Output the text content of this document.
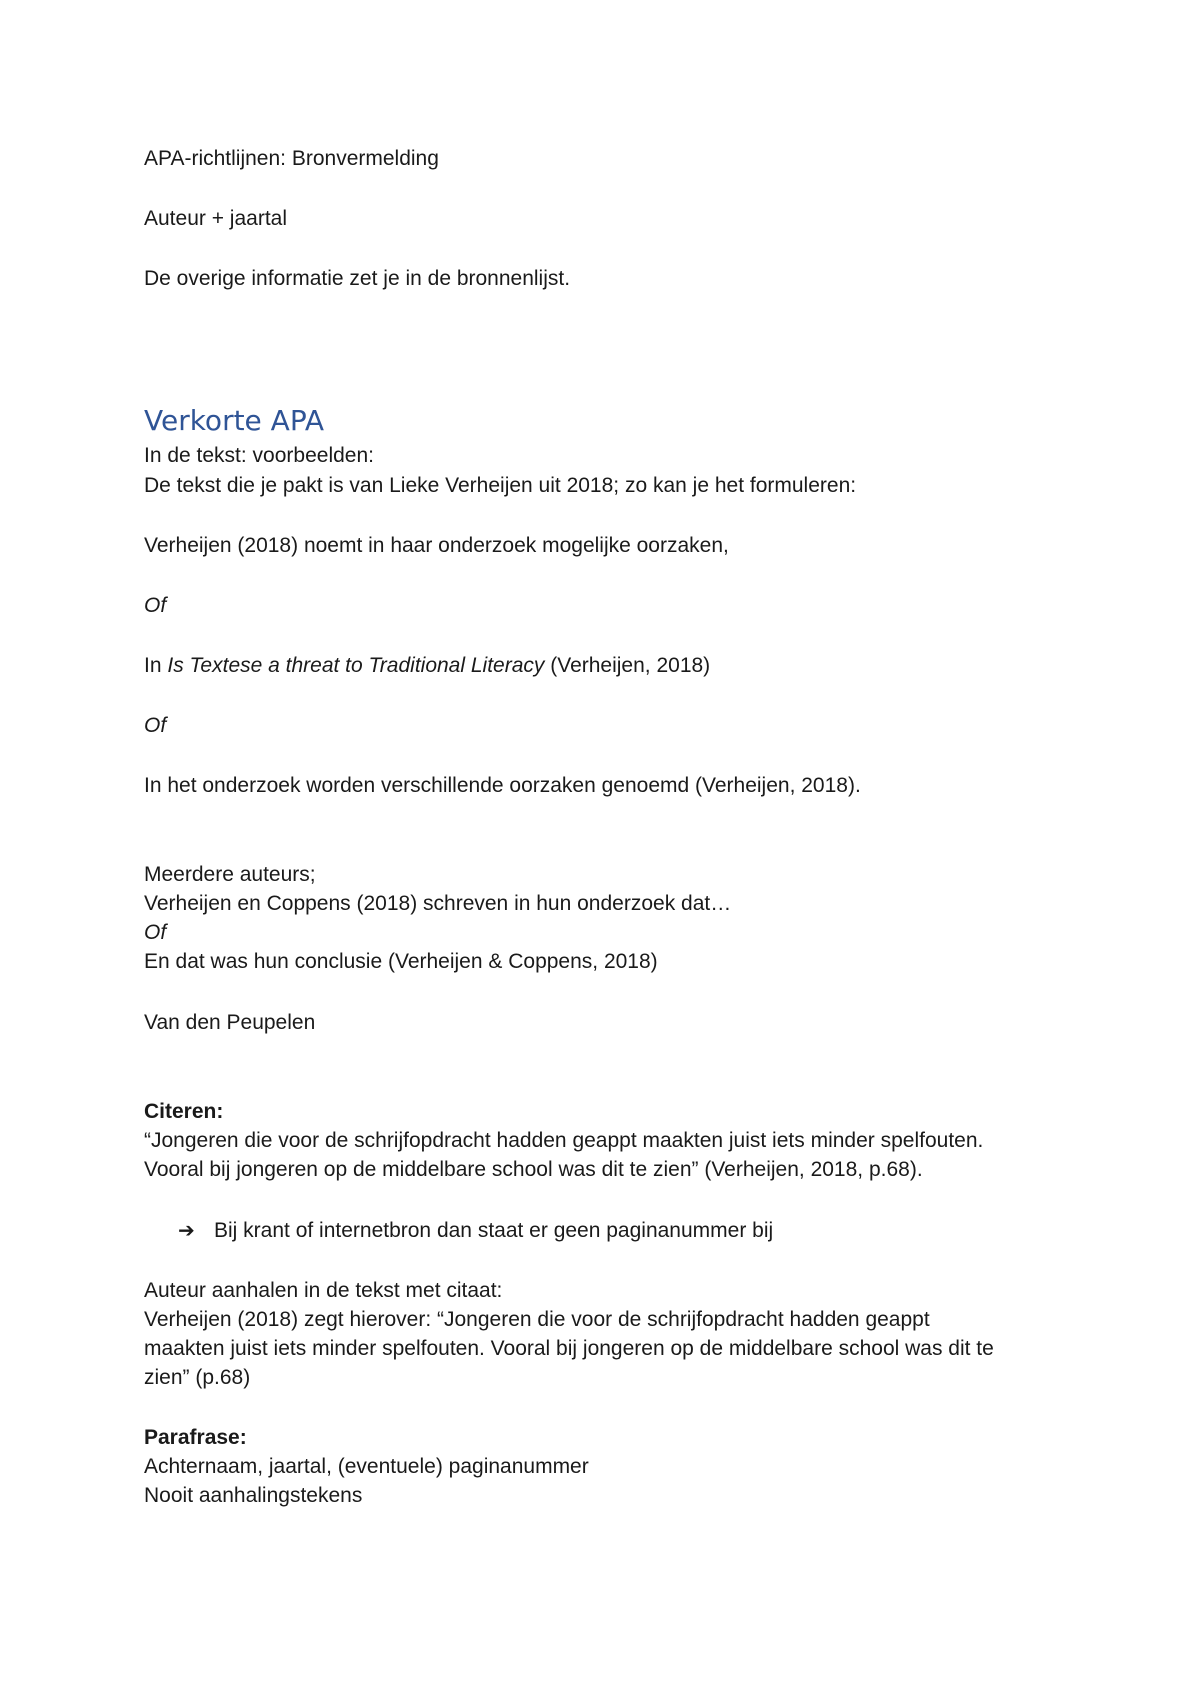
APA-richtlijnen: Bronvermelding
Auteur + jaartal
De overige informatie zet je in de bronnenlijst.
Verkorte APA
In de tekst: voorbeelden:
De tekst die je pakt is van Lieke Verheijen uit 2018; zo kan je het formuleren:
Verheijen (2018) noemt in haar onderzoek mogelijke oorzaken,
Of
In Is Textese a threat to Traditional Literacy (Verheijen, 2018)
Of
In het onderzoek worden verschillende oorzaken genoemd (Verheijen, 2018).
Meerdere auteurs;
Verheijen en Coppens (2018) schreven in hun onderzoek dat…
Of
En dat was hun conclusie (Verheijen & Coppens, 2018)
Van den Peupelen
Citeren:
“Jongeren die voor de schrijfopdracht hadden geappt maakten juist iets minder spelfouten.
Vooral bij jongeren op de middelbare school was dit te zien” (Verheijen, 2018, p.68).
➔ Bij krant of internetbron dan staat er geen paginanummer bij
Auteur aanhalen in de tekst met citaat:
Verheijen (2018) zegt hierover: “Jongeren die voor de schrijfopdracht hadden geappt
maakten juist iets minder spelfouten. Vooral bij jongeren op de middelbare school was dit te
zien” (p.68)
Parafrase:
Achternaam, jaartal, (eventuele) paginanummer
Nooit aanhalingstekens
